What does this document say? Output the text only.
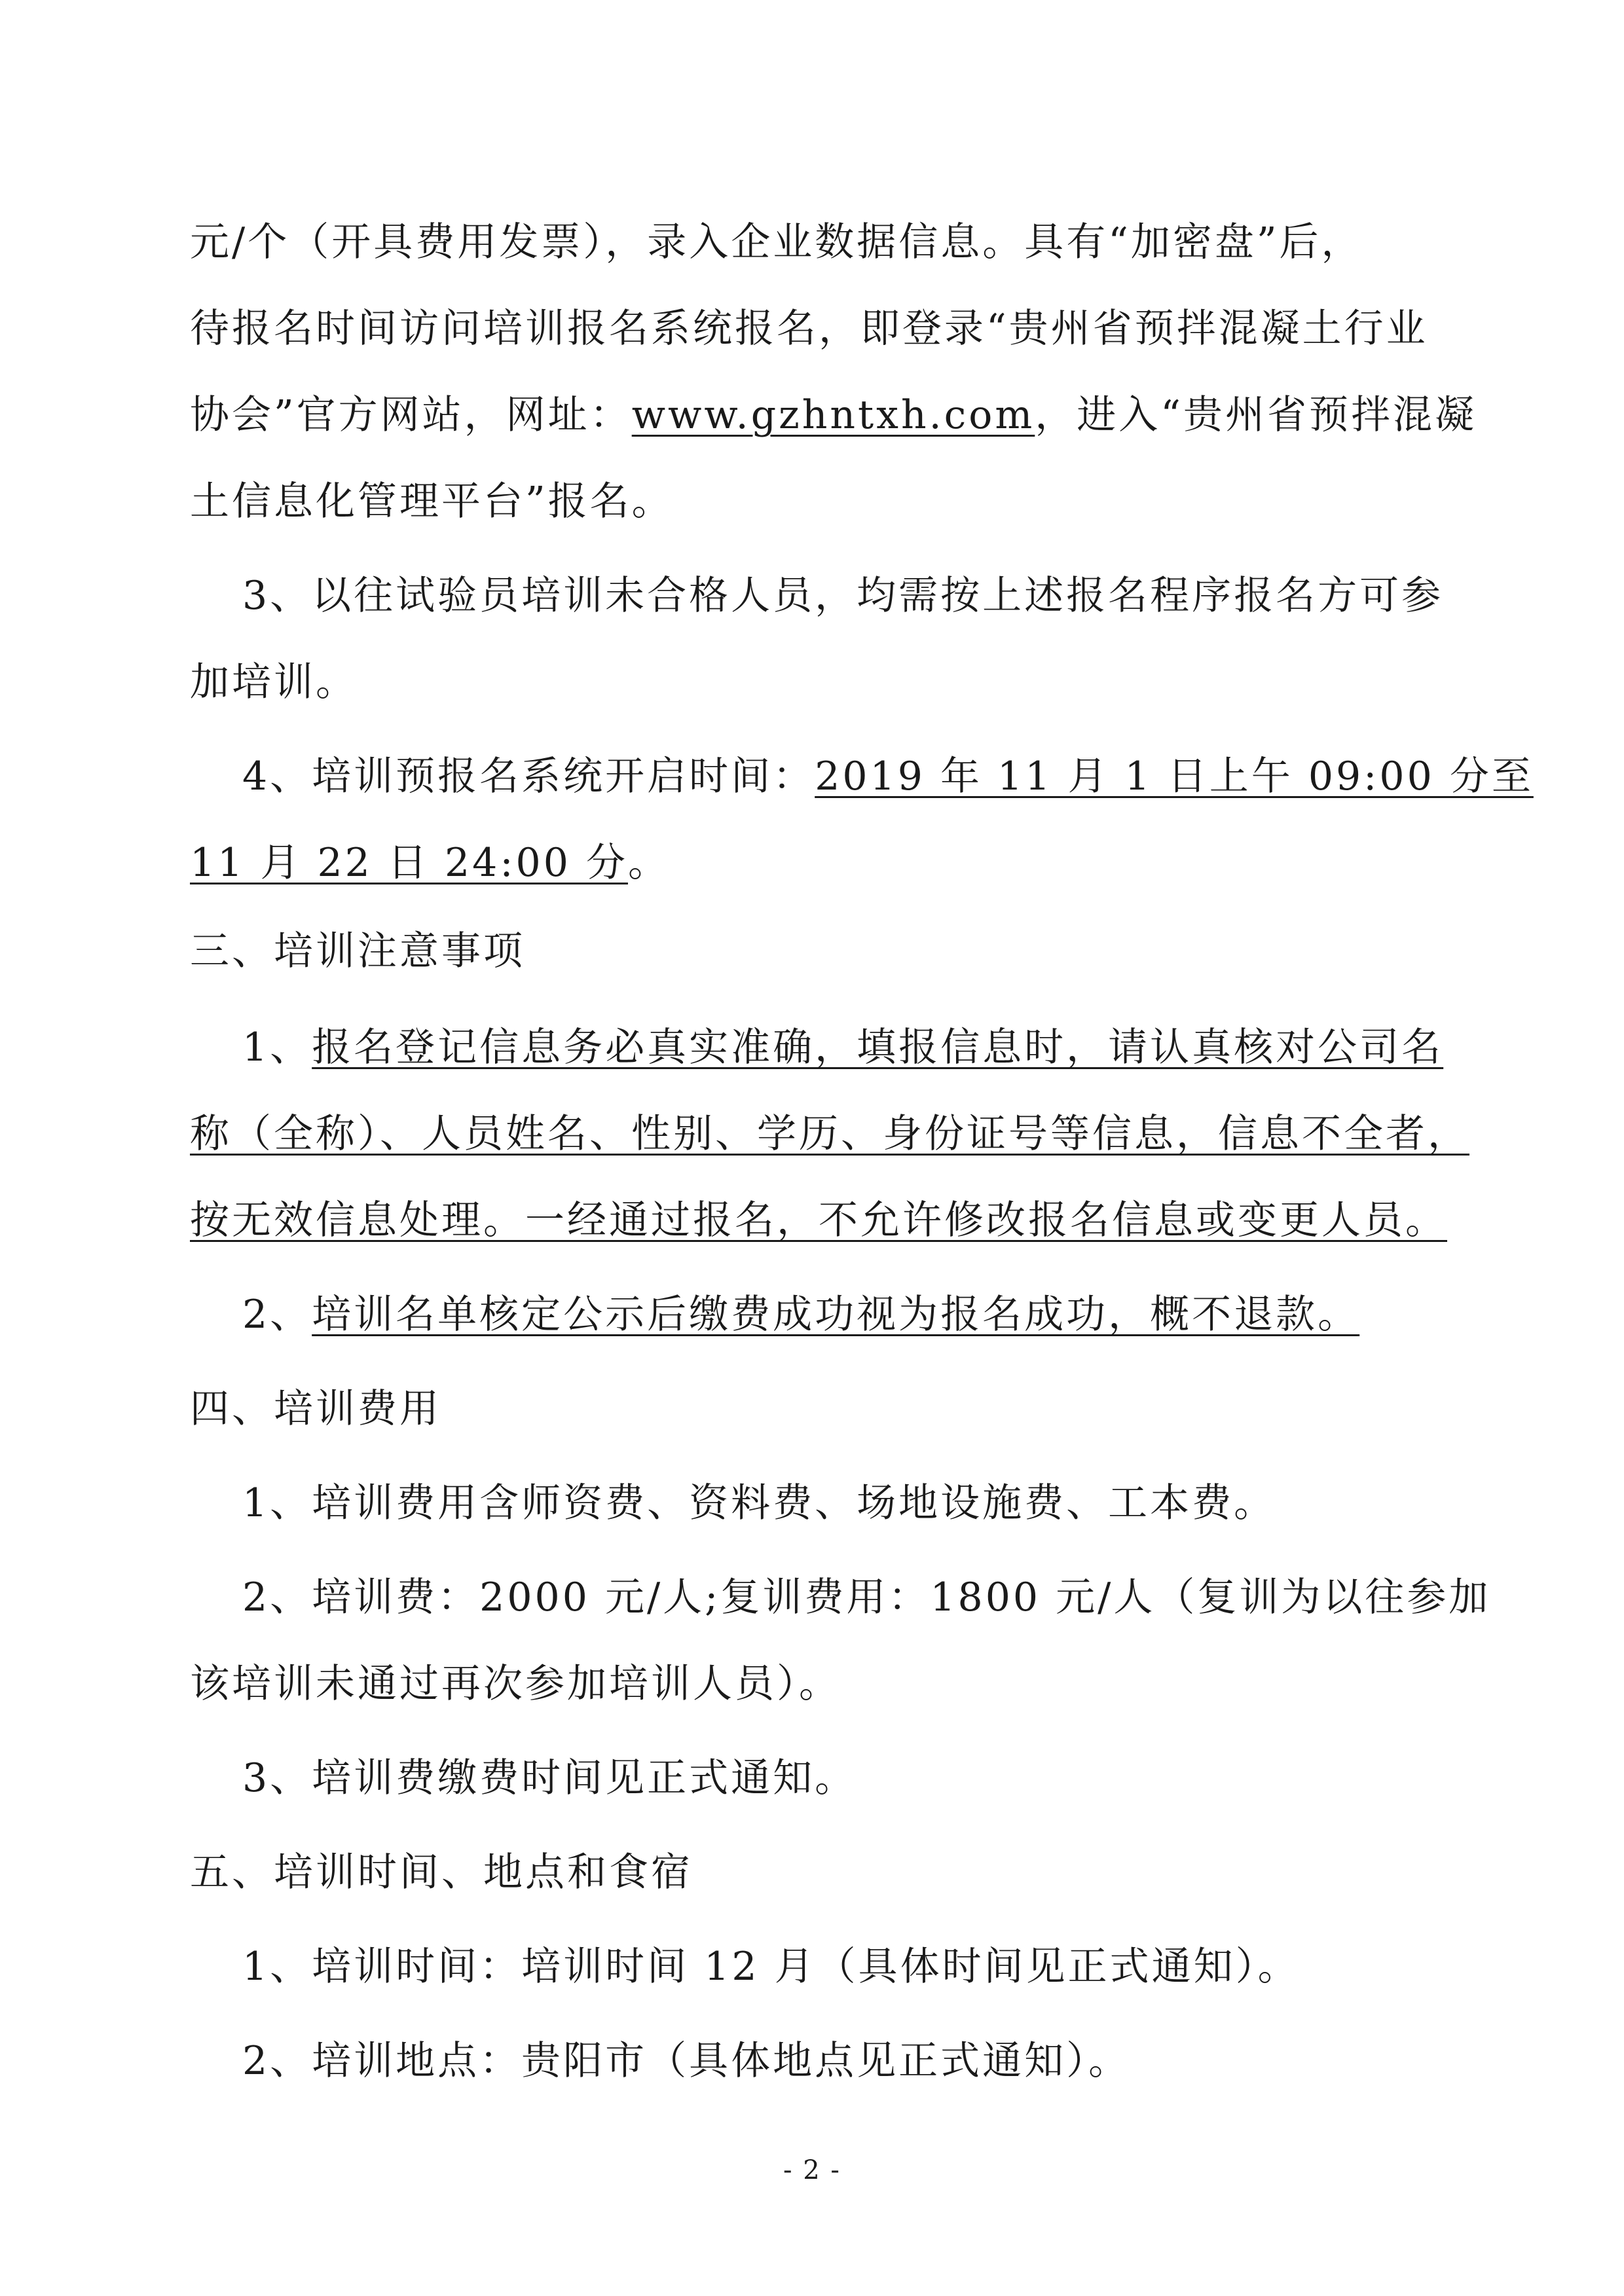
元/个（开具费用发票），录入企业数据信息。具有“加密盘”后，
待报名时间访问培训报名系统报名，即登录“贵州省预拌混凝土行业
协会”官方网站，网址：www.gzhntxh.com，进入“贵州省预拌混凝
土信息化管理平台”报名。
3、以往试验员培训未合格人员，均需按上述报名程序报名方可参
加培训。
4、培训预报名系统开启时间：2019 年 11 月 1 日上午 09:00 分至
11 月 22 日 24:00 分。
三、培训注意事项
1、报名登记信息务必真实准确，填报信息时，请认真核对公司名
称（全称）、人员姓名、性别、学历、身份证号等信息，信息不全者，
按无效信息处理。一经通过报名，不允许修改报名信息或变更人员。
2、培训名单核定公示后缴费成功视为报名成功，概不退款。
四、培训费用
1、培训费用含师资费、资料费、场地设施费、工本费。
2、培训费：2000 元/人;复训费用：1800 元/人（复训为以往参加
该培训未通过再次参加培训人员）。
3、培训费缴费时间见正式通知。
五、培训时间、地点和食宿
1、培训时间：培训时间 12 月（具体时间见正式通知）。
2、培训地点：贵阳市（具体地点见正式通知）。
- 2 -
